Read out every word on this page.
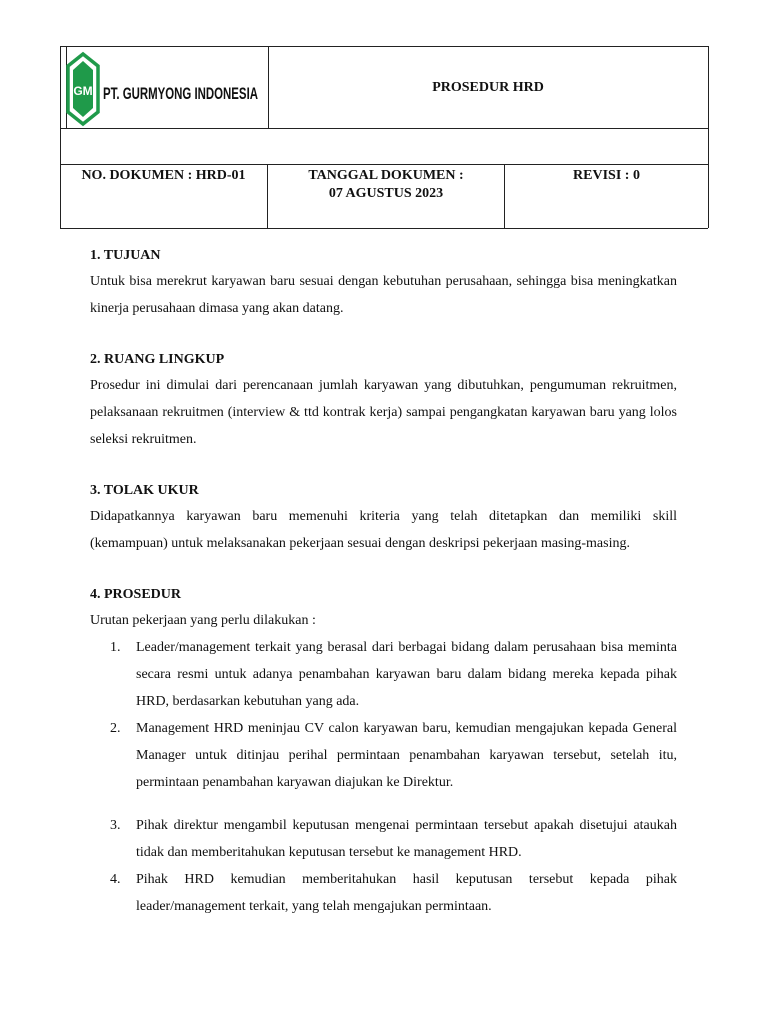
GM PT. GURMYONG INDONESIA	PROSEDUR HRD
NO. DOKUMEN : HRD-01	TANGGAL DOKUMEN :
07 AGUSTUS 2023
REVISI : 0

1. TUJUAN

Untuk bisa merekrut karyawan baru sesuai dengan kebutuhan perusahaan, sehingga bisa meningkatkan kinerja perusahaan dimasa yang akan datang.

2. RUANG LINGKUP

Prosedur ini dimulai dari perencanaan jumlah karyawan yang dibutuhkan, pengumuman rekruitmen, pelaksanaan rekruitmen (interview & ttd kontrak kerja) sampai pengangkatan karyawan baru yang lolos seleksi rekruitmen.

3. TOLAK UKUR

Didapatkannya karyawan baru memenuhi kriteria yang telah ditetapkan dan memiliki skill (kemampuan) untuk melaksanakan pekerjaan sesuai dengan deskripsi pekerjaan masing-masing.

4. PROSEDUR

Urutan pekerjaan yang perlu dilakukan :

1. Leader/management terkait yang berasal dari berbagai bidang dalam perusahaan bisa meminta secara resmi untuk adanya penambahan karyawan baru dalam bidang mereka kepada pihak HRD, berdasarkan kebutuhan yang ada.
2. Management HRD meninjau CV calon karyawan baru, kemudian mengajukan kepada General Manager untuk ditinjau perihal permintaan penambahan karyawan tersebut, setelah itu, permintaan penambahan karyawan diajukan ke Direktur.
3. Pihak direktur mengambil keputusan mengenai permintaan tersebut apakah disetujui ataukah tidak dan memberitahukan keputusan tersebut ke management HRD.
4. Pihak HRD kemudian memberitahukan hasil keputusan tersebut kepada pihak leader/management terkait, yang telah mengajukan permintaan.
